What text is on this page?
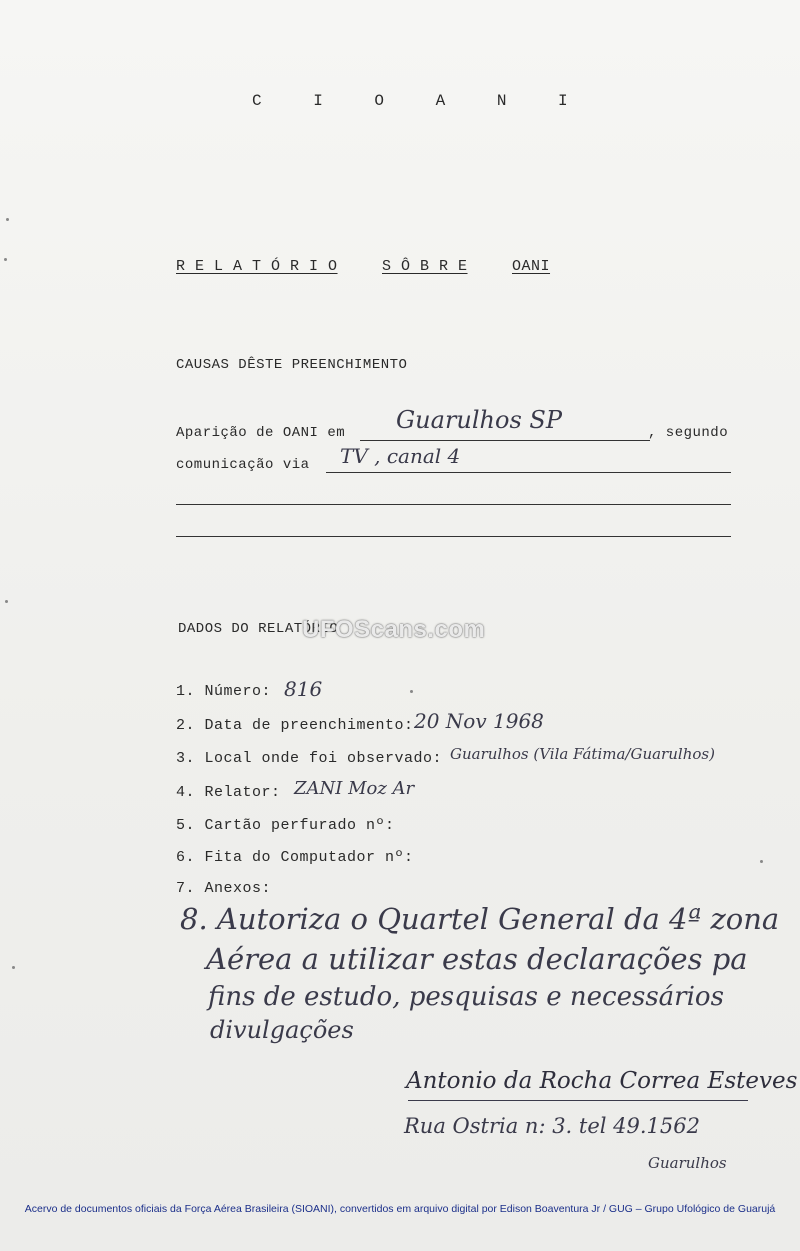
C I O A N I
R E L A T Ó R I O	S Ô B R E	OANI
CAUSAS DÊSTE PREENCHIMENTO
Aparição de OANI em Guarulhos SP	, segundo
comunicação via TV , canal 4
DADOS DO RELATÓRIO
1. Número: 816
2. Data de preenchimento: 20 Nov 1968
3. Local onde foi observado: Guarulhos (Vila Fátima/Guarulhos)
4. Relator: ZANI Moz Ar
5. Cartão perfurado nº:
6. Fita do Computador nº:
7. Anexos:
8. Autoriza o Quartel General da 4ª zona
Aérea a utilizar estas declarações pa
fins de estudo, pesquisas e necessários
divulgações
Antonio da Rocha Correa Esteves
Rua Ostria n: 3. tel 49.1562
Guarulhos
UFOScans.com
Acervo de documentos oficiais da Força Aérea Brasileira (SIOANI), convertidos em arquivo digital por Edison Boaventura Jr / GUG – Grupo Ufológico de Guarujá
